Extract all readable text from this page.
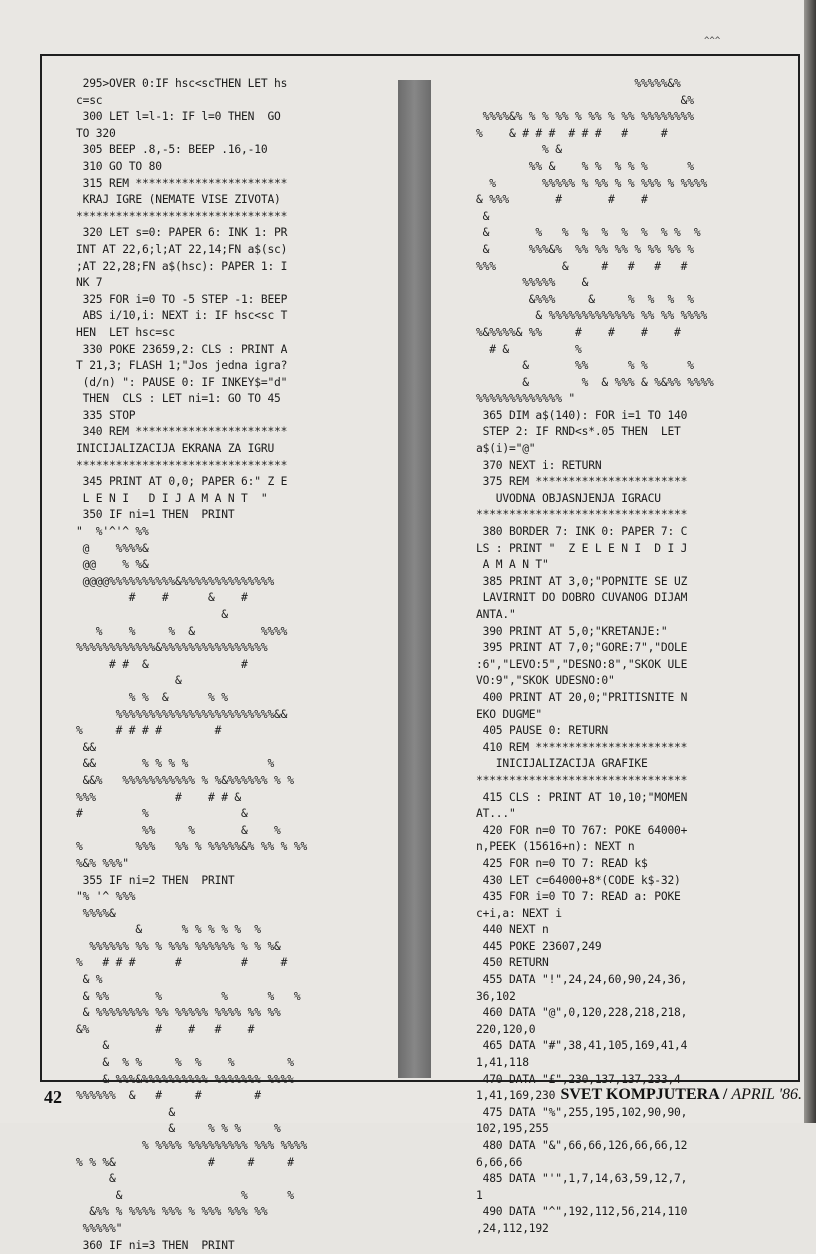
^^^
295>OVER 0:IF hsc<scTHEN LET hs
c=sc
300 LET l=l-1: IF l=0 THEN  GO
TO 320
305 BEEP .8,-5: BEEP .16,-10
310 GO TO 80
315 REM ***********************
KRAJ IGRE (NEMATE VISE ZIVOTA)
********************************
320 LET s=0: PAPER 6: INK 1: PR
INT AT 22,6;l;AT 22,14;FN a$(sc)
;AT 22,28;FN a$(hsc): PAPER 1: I
NK 7
325 FOR i=0 TO -5 STEP -1: BEEP
ABS i/10,i: NEXT i: IF hsc<sc T
HEN  LET hsc=sc
330 POKE 23659,2: CLS : PRINT A
T 21,3; FLASH 1;"Jos jedna igra?
(d/n) ": PAUSE 0: IF INKEY$="d"
THEN  CLS : LET ni=1: GO TO 45
335 STOP
340 REM ***********************
INICIJALIZACIJA EKRANA ZA IGRU
********************************
345 PRINT AT 0,0; PAPER 6:" Z E
L E N I   D I J A M A N T  "
350 IF ni=1 THEN  PRINT
"  %'^'^ %%
@    %%%%&
@@    % %&
@@@@%%%%%%%%%%&%%%%%%%%%%%%%%
#    #      &    #
&
%    %     %  &          %%%%
%%%%%%%%%%%%&%%%%%%%%%%%%%%%%
# #  &              #
&
% %  &      % %
%%%%%%%%%%%%%%%%%%%%%%%%&&
%     # # # #        #
&&
&&       % % % %            %
&&%   %%%%%%%%%%% % %&%%%%%% % %
%%%            #    # # &
#         %              &
%%     %       &    %
%        %%%   %% % %%%%%&% %% % %%
%&% %%%"
355 IF ni=2 THEN  PRINT
"% '^ %%%
%%%%&
&      % % % % %  %
%%%%%% %% % %%% %%%%%% % % %&
%   # # #      #         #     #
& %
& %%       %         %      %   %
& %%%%%%%% %% %%%%% %%%% %% %%
&%          #    #   #    #
&
&  % %     %  %    %        %
& %%%&%%%%%%%%%% %%%%%%% %%%%
%%%%%%  &   #     #        #
&
&     % % %     %
% %%%% %%%%%%%%% %%% %%%%
% % %&              #     #     #
&
&                  %      %
&%% % %%%% %%% % %%% %%% %%
%%%%%"
360 IF ni=3 THEN  PRINT
%%%%%&%
&%
%%%%&% % % %% % %% % %% %%%%%%%%
%    & # # #  # # #   #     #
% &
%% &    % %  % % %      %
%       %%%%% % %% % % %%% % %%%%
& %%%       #       #    #
&
&       %   %  %  %  %  %  % %  %
&      %%%&%  %% %% %% % %% %% %
%%%          &     #   #   #   #
%%%%%    &
&%%%     &     %  %  %  %
& %%%%%%%%%%%%% %% %% %%%%
%&%%%%& %%     #    #    #    #
# &          %
&       %%      % %      %
&        %  & %%% & %&%% %%%%
%%%%%%%%%%%%% "
365 DIM a$(140): FOR i=1 TO 140
STEP 2: IF RND<s*.05 THEN  LET
a$(i)="@"
370 NEXT i: RETURN
375 REM ***********************
UVODNA OBJASNJENJA IGRACU
********************************
380 BORDER 7: INK 0: PAPER 7: C
LS : PRINT "  Z E L E N I  D I J
A M A N T"
385 PRINT AT 3,0;"POPNITE SE UZ
LAVIRNIT DO DOBRO CUVANOG DIJAM
ANTA."
390 PRINT AT 5,0;"KRETANJE:"
395 PRINT AT 7,0;"GORE:7","DOLE
:6","LEVO:5","DESNO:8","SKOK ULE
VO:9","SKOK UDESNO:0"
400 PRINT AT 20,0;"PRITISNITE N
EKO DUGME"
405 PAUSE 0: RETURN
410 REM ***********************
INICIJALIZACIJA GRAFIKE
********************************
415 CLS : PRINT AT 10,10;"MOMEN
AT..."
420 FOR n=0 TO 767: POKE 64000+
n,PEEK (15616+n): NEXT n
425 FOR n=0 TO 7: READ k$
430 LET c=64000+8*(CODE k$-32)
435 FOR i=0 TO 7: READ a: POKE
c+i,a: NEXT i
440 NEXT n
445 POKE 23607,249
450 RETURN
455 DATA "!",24,24,60,90,24,36,
36,102
460 DATA "@",0,120,228,218,218,
220,120,0
465 DATA "#",38,41,105,169,41,4
1,41,118
470 DATA "£",230,137,137,233,4
1,41,169,230
475 DATA "%",255,195,102,90,90,
102,195,255
480 DATA "&",66,66,126,66,66,12
6,66,66
485 DATA "'",1,7,14,63,59,12,7,
1
490 DATA "^",192,112,56,214,110
,24,112,192
42	SVET KOMPJUTERA / APRIL '86.
